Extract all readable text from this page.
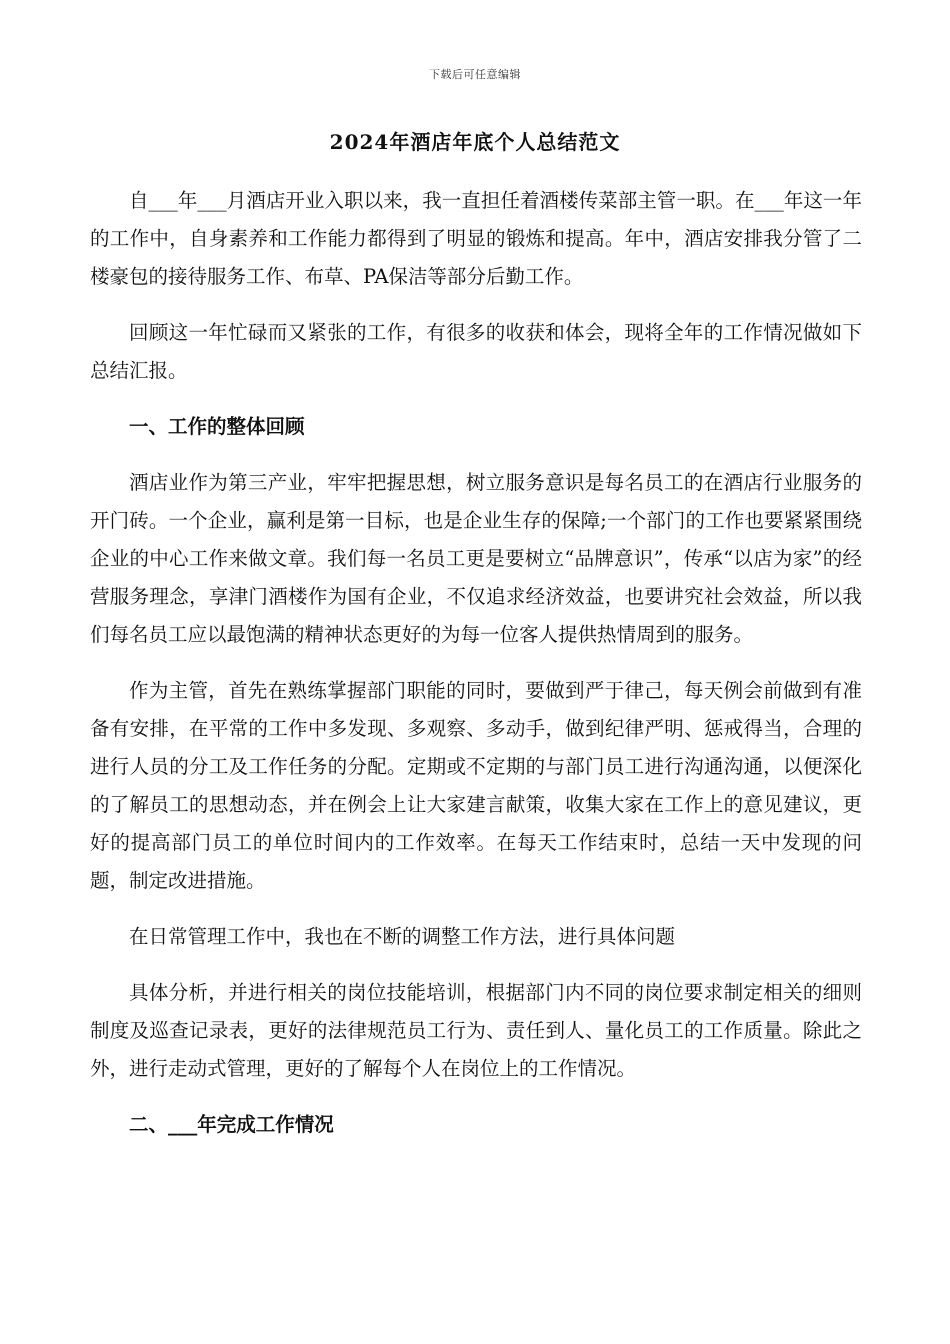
下载后可任意编辑
2024年酒店年底个人总结范文

自___年___月酒店开业入职以来，我一直担任着酒楼传菜部主管一职。在___年这一年的工作中，自身素养和工作能力都得到了明显的锻炼和提高。年中，酒店安排我分管了二楼豪包的接待服务工作、布草、PA保洁等部分后勤工作。

回顾这一年忙碌而又紧张的工作，有很多的收获和体会，现将全年的工作情况做如下总结汇报。

一、工作的整体回顾

酒店业作为第三产业，牢牢把握思想，树立服务意识是每名员工的在酒店行业服务的开门砖。一个企业，赢利是第一目标，也是企业生存的保障;一个部门的工作也要紧紧围绕企业的中心工作来做文章。我们每一名员工更是要树立“品牌意识”，传承“以店为家”的经营服务理念，享津门酒楼作为国有企业，不仅追求经济效益，也要讲究社会效益，所以我们每名员工应以最饱满的精神状态更好的为每一位客人提供热情周到的服务。

作为主管，首先在熟练掌握部门职能的同时，要做到严于律己，每天例会前做到有准备有安排，在平常的工作中多发现、多观察、多动手，做到纪律严明、惩戒得当，合理的进行人员的分工及工作任务的分配。定期或不定期的与部门员工进行沟通沟通，以便深化的了解员工的思想动态，并在例会上让大家建言献策，收集大家在工作上的意见建议，更好的提高部门员工的单位时间内的工作效率。在每天工作结束时，总结一天中发现的问题，制定改进措施。

在日常管理工作中，我也在不断的调整工作方法，进行具体问题

具体分析，并进行相关的岗位技能培训，根据部门内不同的岗位要求制定相关的细则制度及巡查记录表，更好的法律规范员工行为、责任到人、量化员工的工作质量。除此之外，进行走动式管理，更好的了解每个人在岗位上的工作情况。

二、___年完成工作情况
